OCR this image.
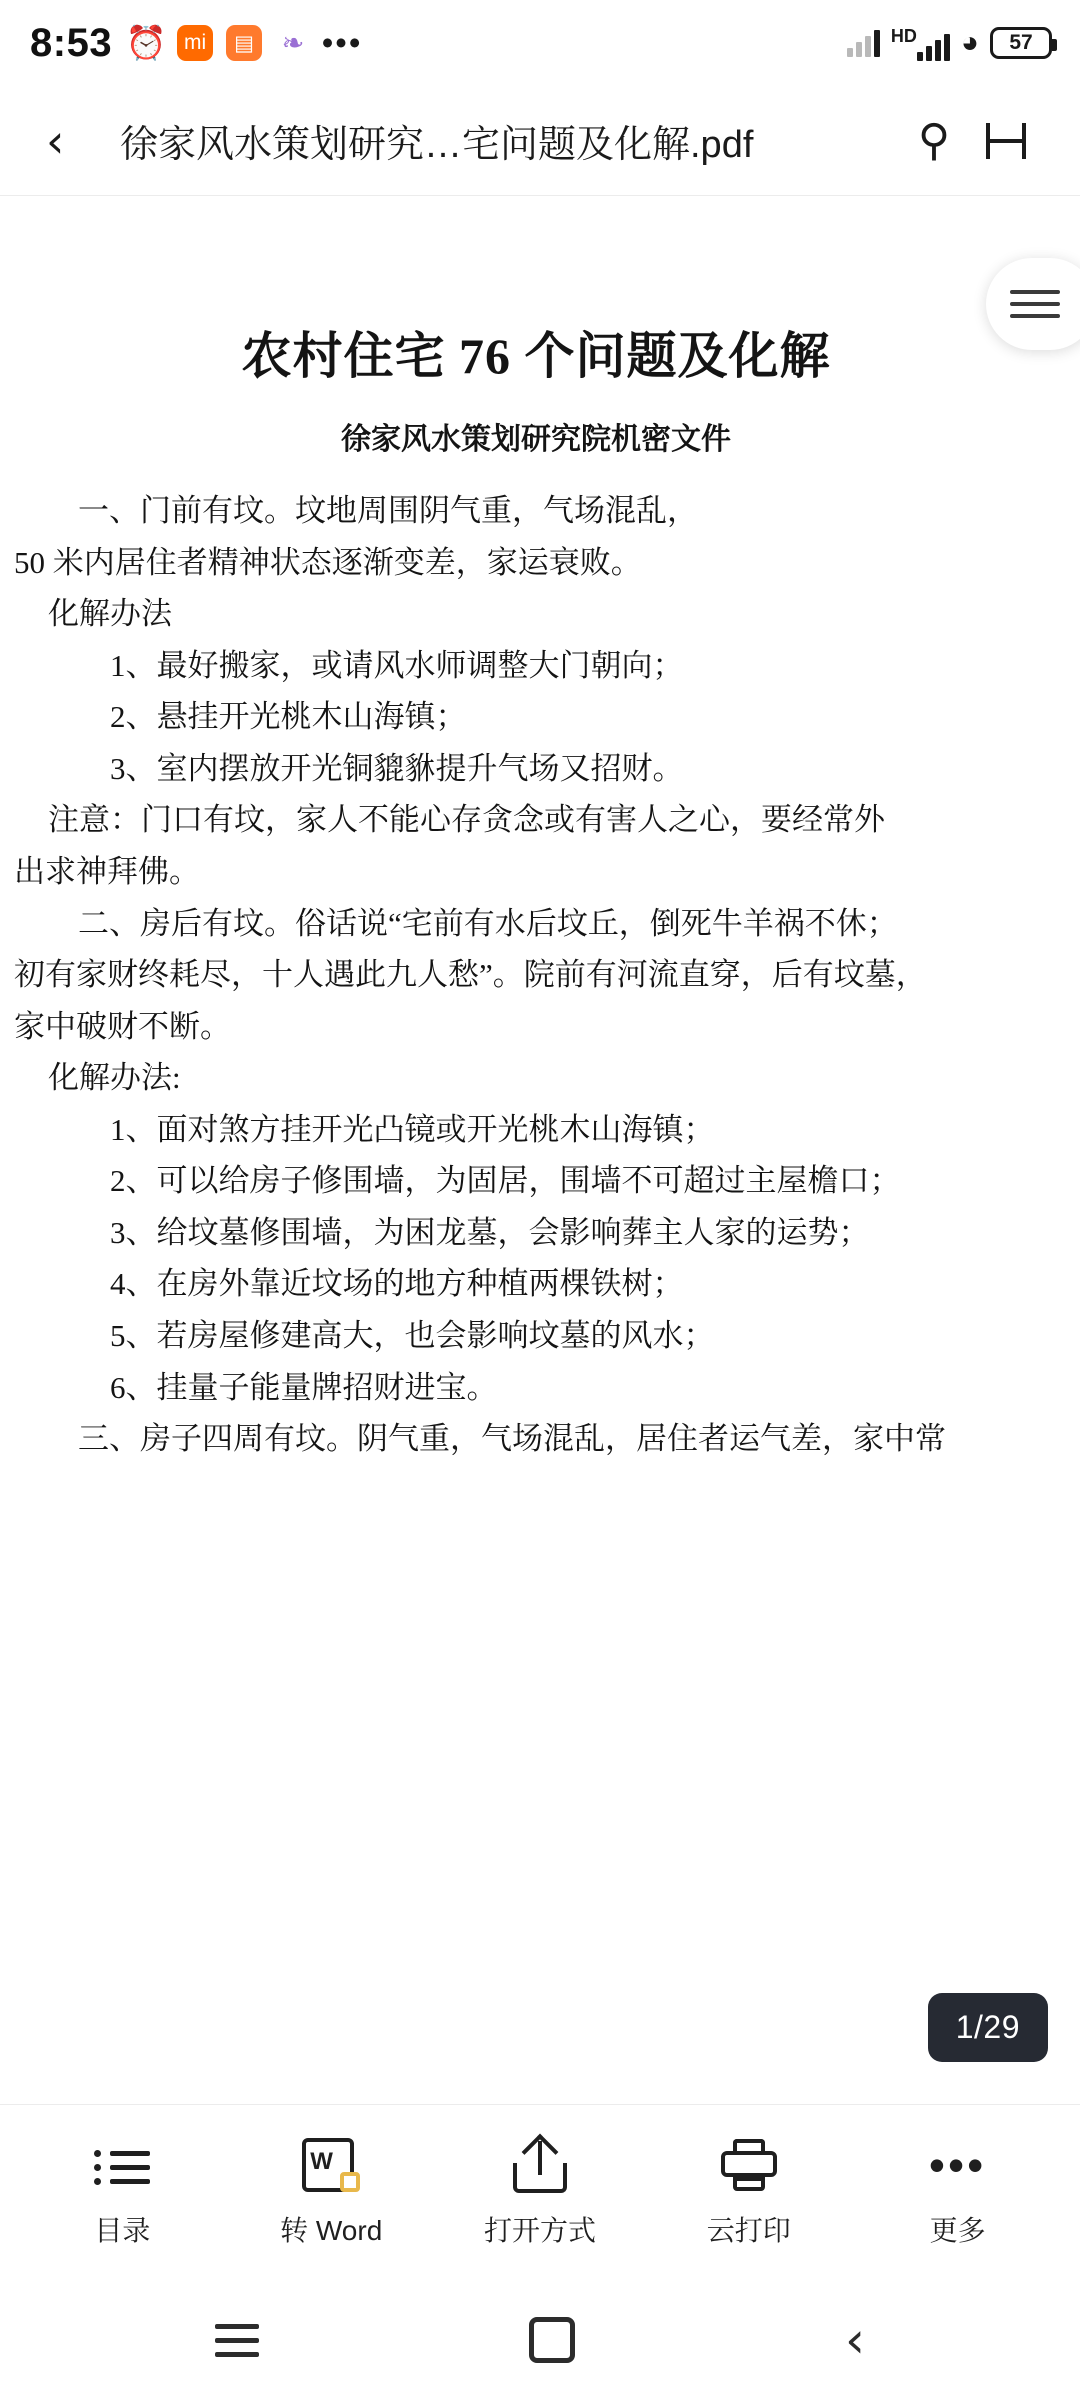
8:53 ⏰ mi	▤ ❧ •••	HD ◕ 57
‹	徐家风水策划研究…宅问题及化解.pdf	⚲
农村住宅 76 个问题及化解
徐家风水策划研究院机密文件

一、门前有坟。坟地周围阴气重，气场混乱，

50 米内居住者精神状态逐渐变差，家运衰败。

化解办法

1、最好搬家，或请风水师调整大门朝向；

2、悬挂开光桃木山海镇；

3、室内摆放开光铜貔貅提升气场又招财。

注意：门口有坟，家人不能心存贪念或有害人之心，要经常外

出求神拜佛。

二、房后有坟。俗话说“宅前有水后坟丘，倒死牛羊祸不休；

初有家财终耗尽，十人遇此九人愁”。院前有河流直穿，后有坟墓，

家中破财不断。

化解办法:

1、面对煞方挂开光凸镜或开光桃木山海镇；

2、可以给房子修围墙，为固居，围墙不可超过主屋檐口；

3、给坟墓修围墙，为困龙墓，会影响葬主人家的运势；

4、在房外靠近坟场的地方种植两棵铁树；

5、若房屋修建高大，也会影响坟墓的风水；

6、挂量子能量牌招财进宝。

三、房子四周有坟。阴气重，气场混乱，居住者运气差，家中常

1/29
目录
W
转 Word	打开方式	云打印
•••
更多
‹
